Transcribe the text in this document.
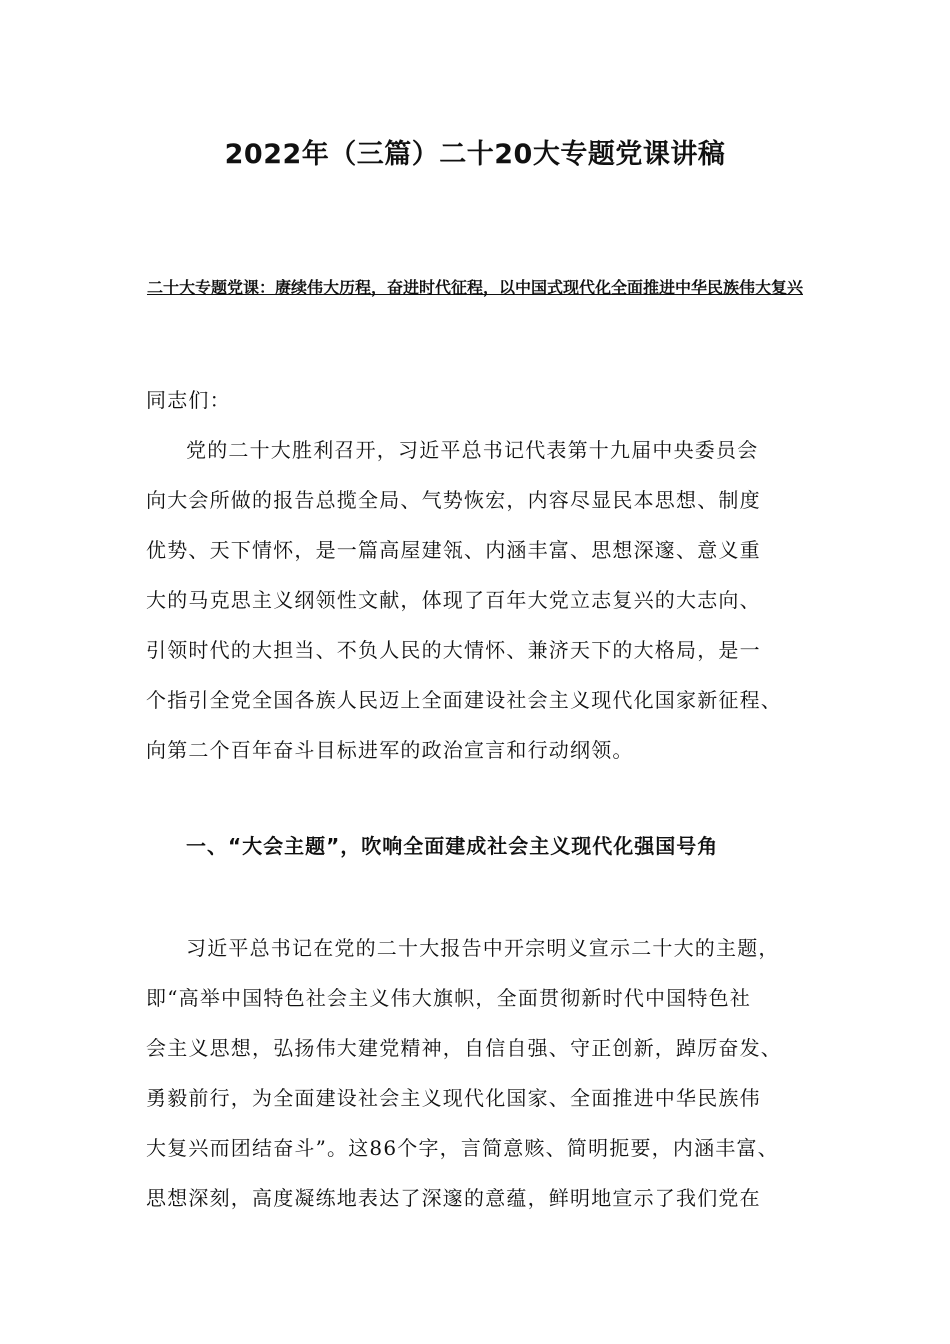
2022年（三篇）二十20大专题党课讲稿

二十大专题党课：赓续伟大历程，奋进时代征程，以中国式现代化全面推进中华民族伟大复兴

同志们：

党的二十大胜利召开，习近平总书记代表第十九届中央委员会

向大会所做的报告总揽全局、气势恢宏，内容尽显民本思想、制度

优势、天下情怀，是一篇高屋建瓴、内涵丰富、思想深邃、意义重

大的马克思主义纲领性文献，体现了百年大党立志复兴的大志向、

引领时代的大担当、不负人民的大情怀、兼济天下的大格局，是一

个指引全党全国各族人民迈上全面建设社会主义现代化国家新征程、

向第二个百年奋斗目标进军的政治宣言和行动纲领。

一、“大会主题”，吹响全面建成社会主义现代化强国号角

习近平总书记在党的二十大报告中开宗明义宣示二十大的主题，

即“高举中国特色社会主义伟大旗帜，全面贯彻新时代中国特色社

会主义思想，弘扬伟大建党精神，自信自强、守正创新，踔厉奋发、

勇毅前行，为全面建设社会主义现代化国家、全面推进中华民族伟

大复兴而团结奋斗”。这86个字，言简意赅、简明扼要，内涵丰富、

思想深刻，高度凝练地表达了深邃的意蕴，鲜明地宣示了我们党在
